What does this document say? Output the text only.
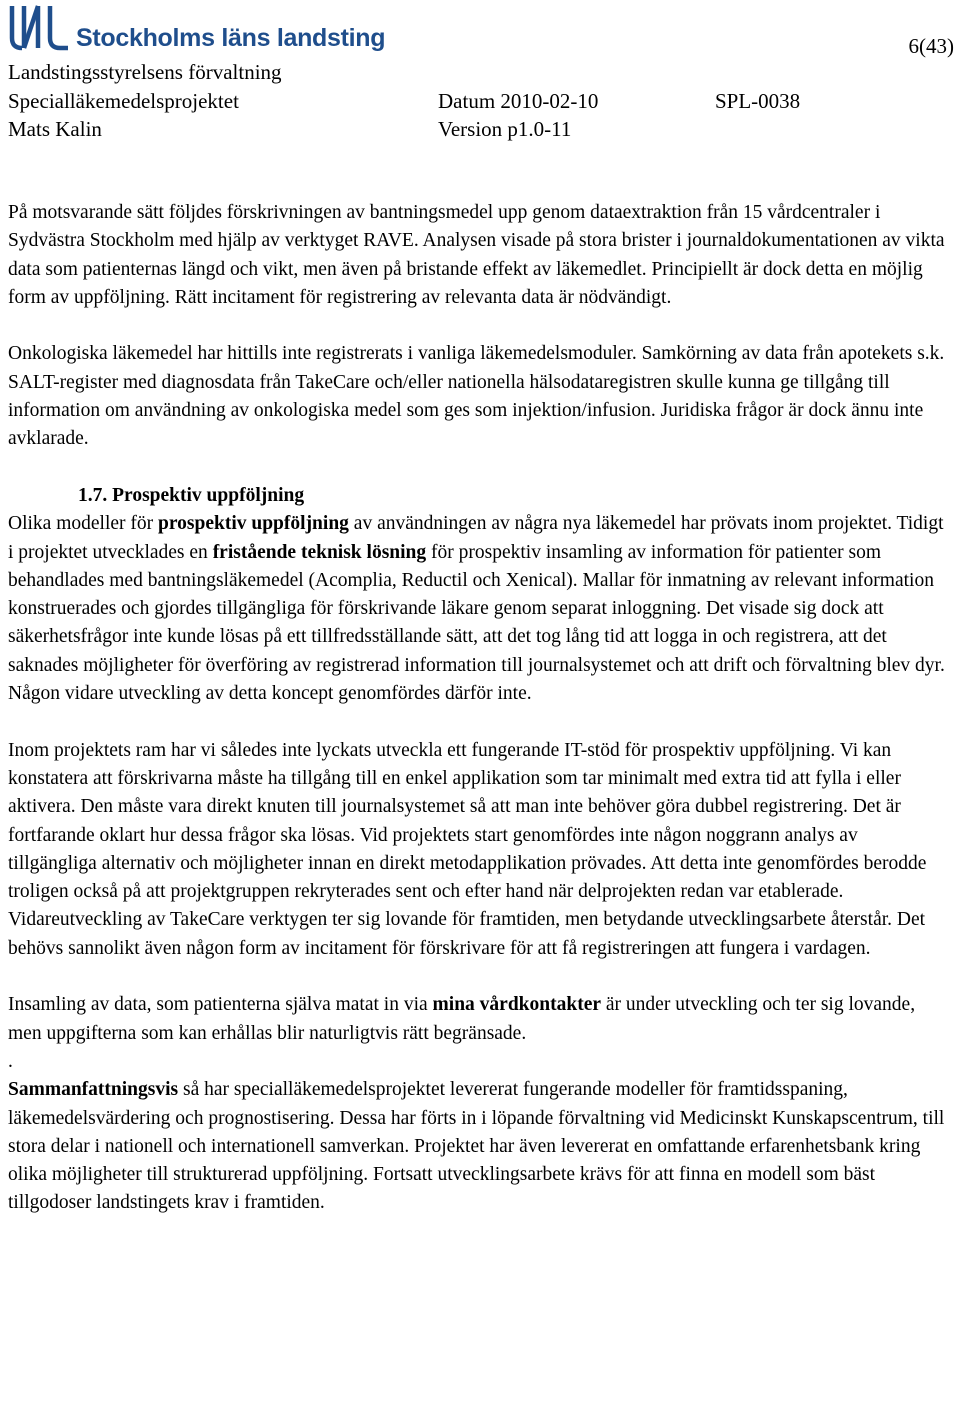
Stockholms läns landsting	6(43)
Landstingsstyrelsens förvaltning
Specialläkemedelsprojektet	Datum 2010-02-10	SPL-0038
Mats Kalin	Version p1.0-11

På motsvarande sätt följdes förskrivningen av bantningsmedel upp genom dataextraktion från 15 vårdcentraler i Sydvästra Stockholm med hjälp av verktyget RAVE. Analysen visade på stora brister i journaldokumentationen av vikta data som patienternas längd och vikt, men även på bristande effekt av läkemedlet. Principiellt är dock detta en möjlig form av uppföljning. Rätt incitament för registrering av relevanta data är nödvändigt.

Onkologiska läkemedel har hittills inte registrerats i vanliga läkemedelsmoduler. Samkörning av data från apotekets s.k. SALT-register med diagnosdata från TakeCare och/eller nationella hälsodataregistren skulle kunna ge tillgång till information om användning av onkologiska medel som ges som injektion/infusion. Juridiska frågor är dock ännu inte avklarade.

1.7. Prospektiv uppföljning

Olika modeller för prospektiv uppföljning av användningen av några nya läkemedel har prövats inom projektet. Tidigt i projektet utvecklades en fristående teknisk lösning för prospektiv insamling av information för patienter som behandlades med bantningsläkemedel (Acomplia, Reductil och Xenical). Mallar för inmatning av relevant information konstruerades och gjordes tillgängliga för förskrivande läkare genom separat inloggning. Det visade sig dock att säkerhetsfrågor inte kunde lösas på ett tillfredsställande sätt, att det tog lång tid att logga in och registrera, att det saknades möjligheter för överföring av registrerad information till journalsystemet och att drift och förvaltning blev dyr. Någon vidare utveckling av detta koncept genomfördes därför inte.

Inom projektets ram har vi således inte lyckats utveckla ett fungerande IT-stöd för prospektiv uppföljning. Vi kan konstatera att förskrivarna måste ha tillgång till en enkel applikation som tar minimalt med extra tid att fylla i eller aktivera. Den måste vara direkt knuten till journalsystemet så att man inte behöver göra dubbel registrering. Det är fortfarande oklart hur dessa frågor ska lösas. Vid projektets start genomfördes inte någon noggrann analys av tillgängliga alternativ och möjligheter innan en direkt metodapplikation prövades. Att detta inte genomfördes berodde troligen också på att projektgruppen rekryterades sent och efter hand när delprojekten redan var etablerade. Vidareutveckling av TakeCare verktygen ter sig lovande för framtiden, men betydande utvecklingsarbete återstår. Det behövs sannolikt även någon form av incitament för förskrivare för att få registreringen att fungera i vardagen.

Insamling av data, som patienterna själva matat in via mina vårdkontakter är under utveckling och ter sig lovande, men uppgifterna som kan erhållas blir naturligtvis rätt begränsade.

.

Sammanfattningsvis så har specialläkemedelsprojektet levererat fungerande modeller för framtidsspaning, läkemedelsvärdering och prognostisering. Dessa har förts in i löpande förvaltning vid Medicinskt Kunskapscentrum, till stora delar i nationell och internationell samverkan. Projektet har även levererat en omfattande erfarenhetsbank kring olika möjligheter till strukturerad uppföljning. Fortsatt utvecklingsarbete krävs för att finna en modell som bäst tillgodoser landstingets krav i framtiden.
